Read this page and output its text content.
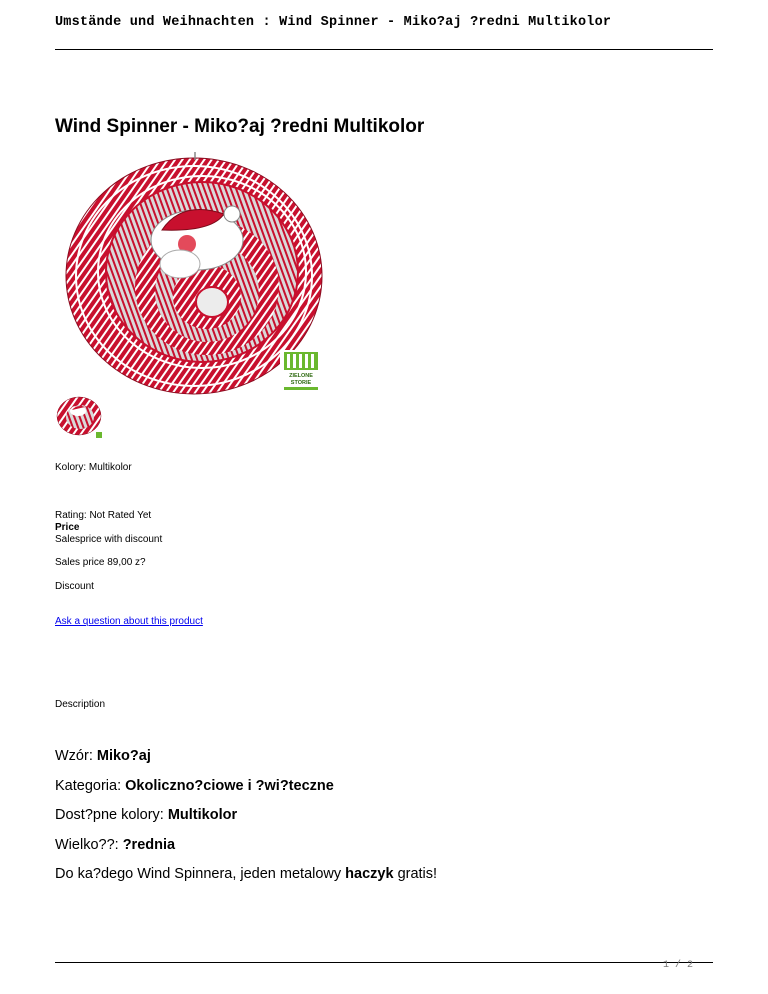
Umstände und Weihnachten : Wind Spinner - Miko?aj ?redni Multikolor
Wind Spinner - Miko?aj ?redni Multikolor
ZIELONE
STORIE
Kolory: Multikolor
Rating: Not Rated Yet
Price
Salesprice with discount
Sales price 89,00 z?
Discount
Ask a question about this product
Description
Wzór: Miko?aj
Kategoria: Okoliczno?ciowe i ?wi?teczne
Dost?pne kolory: Multikolor
Wielko??: ?rednia
Do ka?dego Wind Spinnera, jeden metalowy haczyk gratis!
1 / 2
